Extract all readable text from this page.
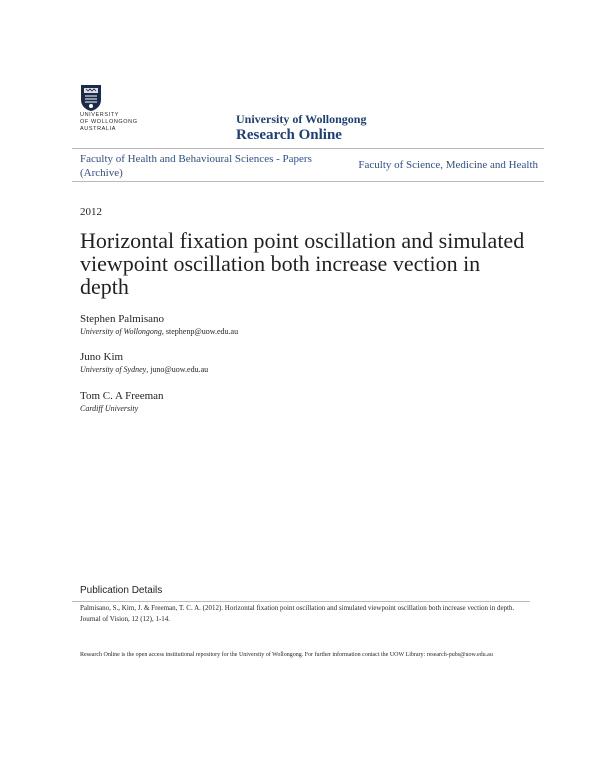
UNIVERSITY
OF WOLLONGONG
AUSTRALIA
University of Wollongong
Research Online
Faculty of Health and Behavioural Sciences - Papers (Archive)
Faculty of Science, Medicine and Health
2012
Horizontal fixation point oscillation and simulated viewpoint oscillation both increase vection in depth
Stephen Palmisano
University of Wollongong, stephenp@uow.edu.au
Juno Kim
University of Sydney, juno@uow.edu.au
Tom C. A Freeman
Cardiff University
Publication Details
Palmisano, S., Kim, J. & Freeman, T. C. A. (2012). Horizontal fixation point oscillation and simulated viewpoint oscillation both increase vection in depth. Journal of Vision, 12 (12), 1-14.
Research Online is the open access institutional repository for the University of Wollongong. For further information contact the UOW Library: research-pubs@uow.edu.au
